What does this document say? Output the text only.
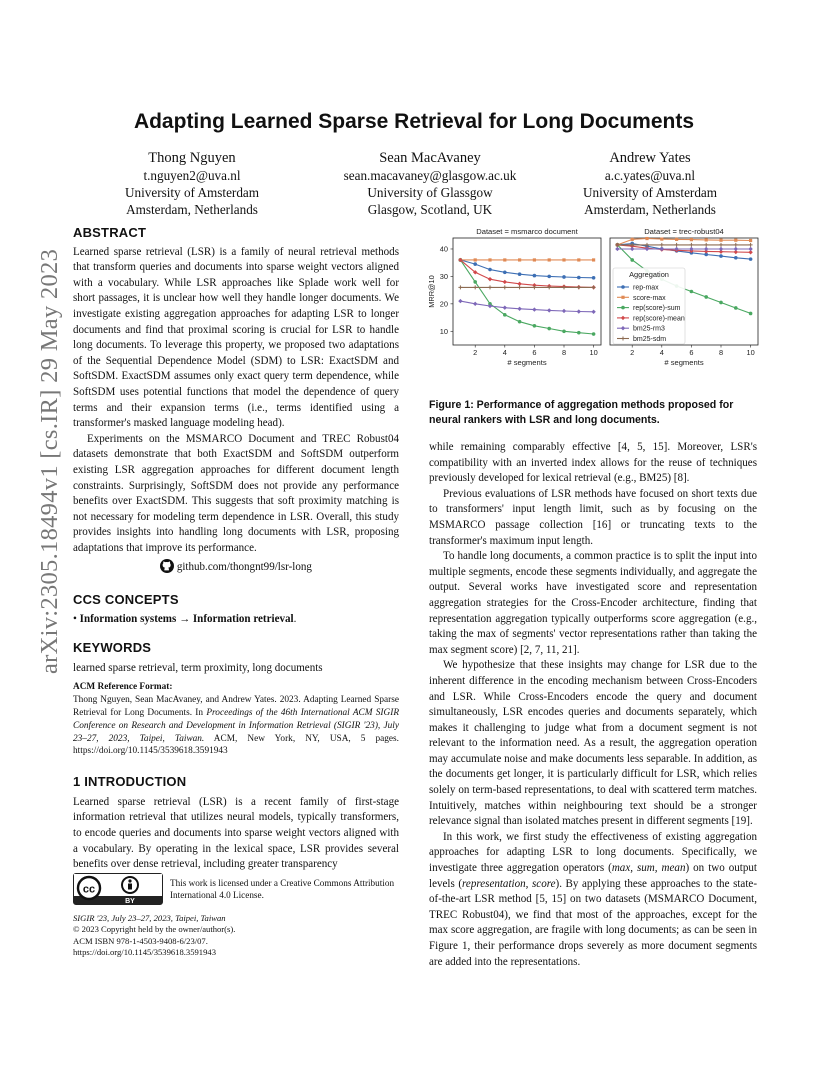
arXiv:2305.18494v1 [cs.IR] 29 May 2023
Adapting Learned Sparse Retrieval for Long Documents
Thong Nguyen
t.nguyen2@uva.nl
University of Amsterdam
Amsterdam, Netherlands
Sean MacAvaney
sean.macavaney@glasgow.ac.uk
University of Glassgow
Glasgow, Scotland, UK
Andrew Yates
a.c.yates@uva.nl
University of Amsterdam
Amsterdam, Netherlands
ABSTRACT

Learned sparse retrieval (LSR) is a family of neural retrieval methods that transform queries and documents into sparse weight vectors aligned with a vocabulary. While LSR approaches like Splade work well for short passages, it is unclear how well they handle longer documents. We investigate existing aggregation approaches for adapting LSR to longer documents and find that proximal scoring is crucial for LSR to handle long documents. To leverage this property, we proposed two adaptations of the Sequential Dependence Model (SDM) to LSR: ExactSDM and SoftSDM. ExactSDM assumes only exact query term dependence, while SoftSDM uses potential functions that model the dependence of query terms and their expansion terms (i.e., terms identified using a transformer's masked language modeling head).

Experiments on the MSMARCO Document and TREC Robust04 datasets demonstrate that both ExactSDM and SoftSDM outperform existing LSR aggregation approaches for different document length constraints. Surprisingly, SoftSDM does not provide any performance benefits over ExactSDM. This suggests that soft proximity matching is not necessary for modeling term dependence in LSR. Overall, this study provides insights into handling long documents with LSR, proposing adaptations that improve its performance.

github.com/thongnt99/lsr-long
CCS CONCEPTS

• Information systems → Information retrieval.

KEYWORDS

learned sparse retrieval, term proximity, long documents

ACM Reference Format:
Thong Nguyen, Sean MacAvaney, and Andrew Yates. 2023. Adapting Learned Sparse Retrieval for Long Documents. In Proceedings of the 46th International ACM SIGIR Conference on Research and Development in Information Retrieval (SIGIR '23), July 23–27, 2023, Taipei, Taiwan. ACM, New York, NY, USA, 5 pages. https://doi.org/10.1145/3539618.3591943
1 INTRODUCTION

Learned sparse retrieval (LSR) is a recent family of first-stage information retrieval that utilizes neural models, typically transformers, to encode queries and documents into sparse weight vectors aligned with a vocabulary. By operating in the lexical space, LSR provides several benefits over dense retrieval, including greater transparency

cc
BY
This work is licensed under a Creative Commons Attribution International 4.0 License.
SIGIR '23, July 23–27, 2023, Taipei, Taiwan
© 2023 Copyright held by the owner/author(s).
ACM ISBN 978-1-4503-9408-6/23/07.
https://doi.org/10.1145/3539618.3591943
Dataset = msmarco document
2	4	6	8	10
# segments
10
20
30
40
MRR@10
Dataset = trec-robust04
2	4	6	8	10
# segments
Aggregation
rep-max
score-max
rep(score)-sum
rep(score)-mean
bm25-rm3
bm25-sdm
Figure 1: Performance of aggregation methods proposed for neural rankers with LSR and long documents.

while remaining comparably effective [4, 5, 15]. Moreover, LSR's compatibility with an inverted index allows for the reuse of techniques previously developed for lexical retrieval (e.g., BM25) [8].

Previous evaluations of LSR methods have focused on short texts due to transformers' input length limit, such as by focusing on the MSMARCO passage collection [16] or truncating texts to the transformer's maximum input length.

To handle long documents, a common practice is to split the input into multiple segments, encode these segments individually, and aggregate the output. Several works have investigated score and representation aggregation strategies for the Cross-Encoder architecture, finding that representation aggregation typically outperforms score aggregation (e.g., taking the max of segments' vector representations rather than taking the max segment score) [2, 7, 11, 21].

We hypothesize that these insights may change for LSR due to the inherent difference in the encoding mechanism between Cross-Encoders and LSR. While Cross-Encoders encode the query and document simultaneously, LSR encodes queries and documents separately, which makes it challenging to judge what from a document segment is not relevant to the information need. As a result, the aggregation operation may accumulate noise and make documents less separable. In addition, as the documents get longer, it is particularly difficult for LSR, which relies solely on term-based representations, to deal with scattered term matches. Intuitively, matches within neighbouring text should be a stronger relevance signal than isolated matches present in different segments [19].

In this work, we first study the effectiveness of existing aggregation approaches for adapting LSR to long documents. Specifically, we investigate three aggregation operators (max, sum, mean) on two output levels (representation, score). By applying these approaches to the state-of-the-art LSR method [5, 15] on two datasets (MSMARCO Document, TREC Robust04), we find that most of the approaches, except for the max score aggregation, are fragile with long documents; as can be seen in Figure 1, their performance drops severely as more document segments are added into the representations.
